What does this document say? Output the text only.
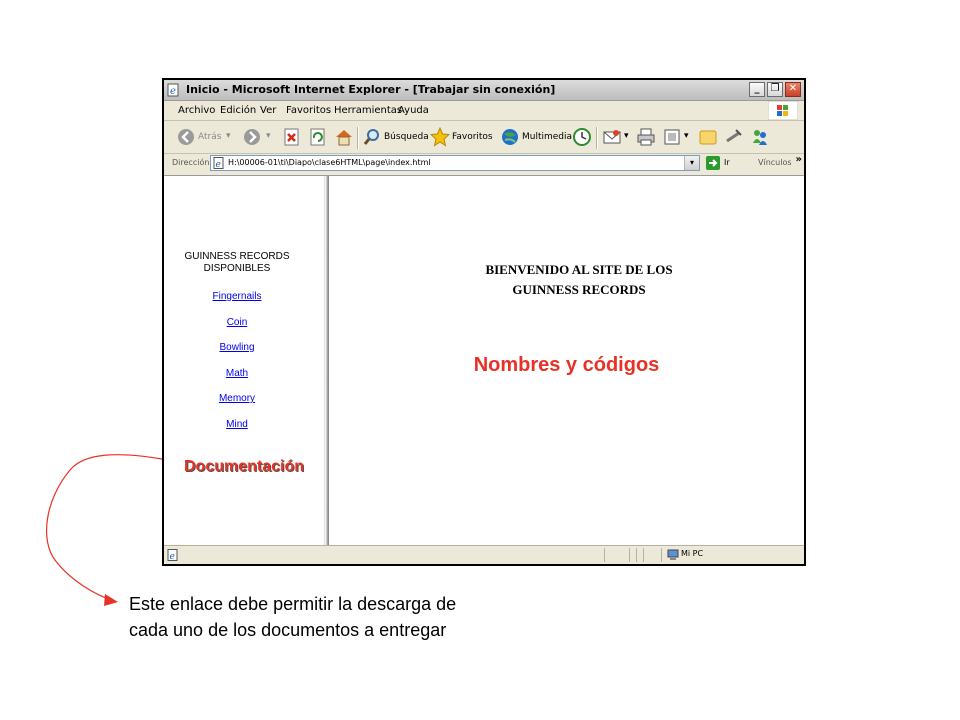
e Inicio - Microsoft Internet Explorer - [Trabajar sin conexión]	_	❐ ✕
Archivo Edición Ver Favoritos Herramientas
Ayuda
Atrás ▾	▾	Búsqueda	Favoritos	Multimedia	▾	▾
Dirección e H:\00006-01\ti\Diapo\clase6HTML\page\index.html	▾	Ir	Vínculos »
GUINNESS RECORDS
DISPONIBLES
Fingernails
Coin
Bowling
Math
Memory
Mind
Documentación
BIENVENIDO AL SITE DE LOS
GUINNESS RECORDS
Nombres y códigos
e	Mi PC
Este enlace debe permitir la descarga de cada uno de los documentos a entregar
